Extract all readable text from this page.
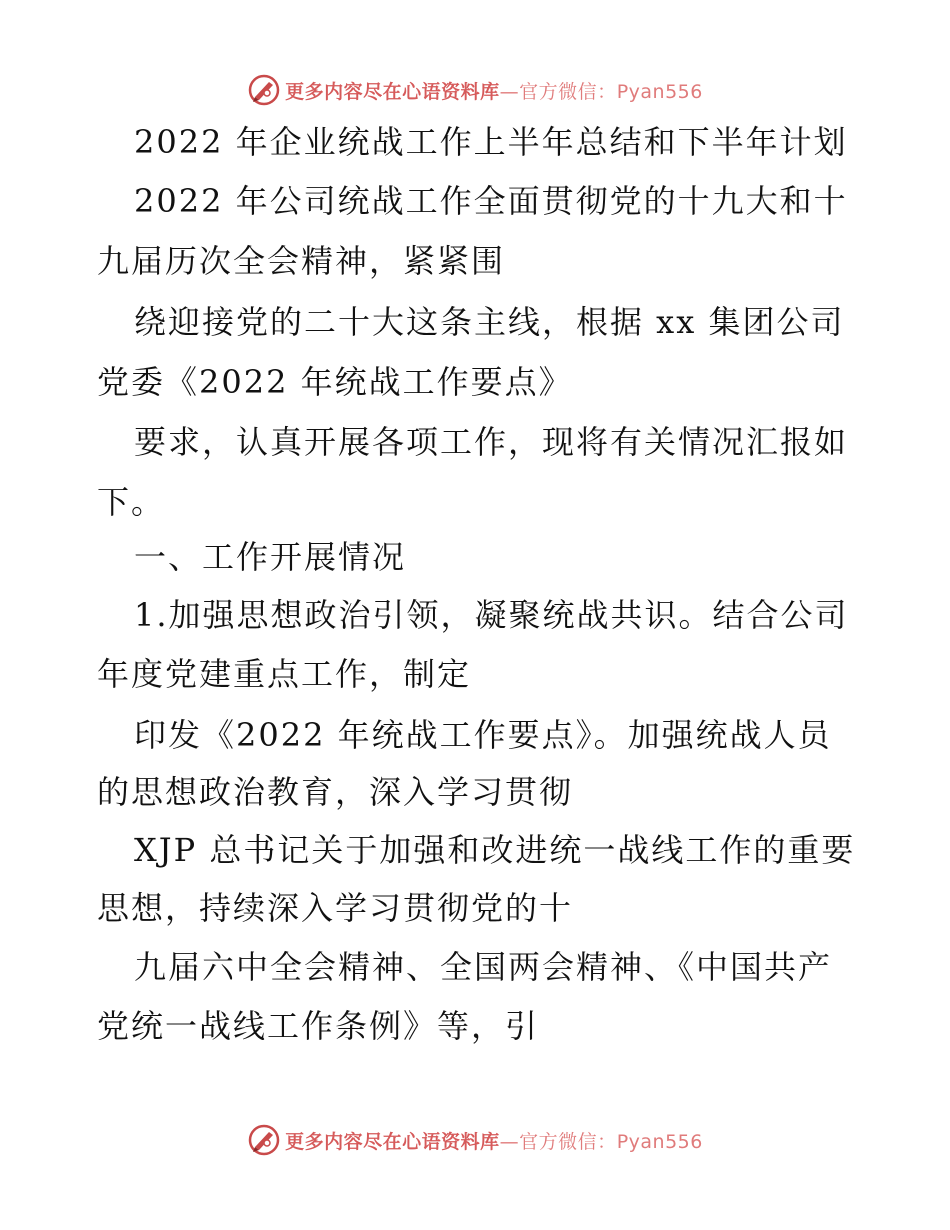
更多内容尽在心语资料库—官方微信：Pyan556
2022 年企业统战工作上半年总结和下半年计划
2022 年公司统战工作全面贯彻党的十九大和十
九届历次全会精神，紧紧围
绕迎接党的二十大这条主线，根据 xx 集团公司
党委《2022 年统战工作要点》
要求，认真开展各项工作，现将有关情况汇报如
下。
一、工作开展情况
1.加强思想政治引领，凝聚统战共识。结合公司
年度党建重点工作，制定
印发《2022 年统战工作要点》。加强统战人员
的思想政治教育，深入学习贯彻
XJP 总书记关于加强和改进统一战线工作的重要
思想，持续深入学习贯彻党的十
九届六中全会精神、全国两会精神、《中国共产
党统一战线工作条例》等，引
更多内容尽在心语资料库—官方微信：Pyan556
